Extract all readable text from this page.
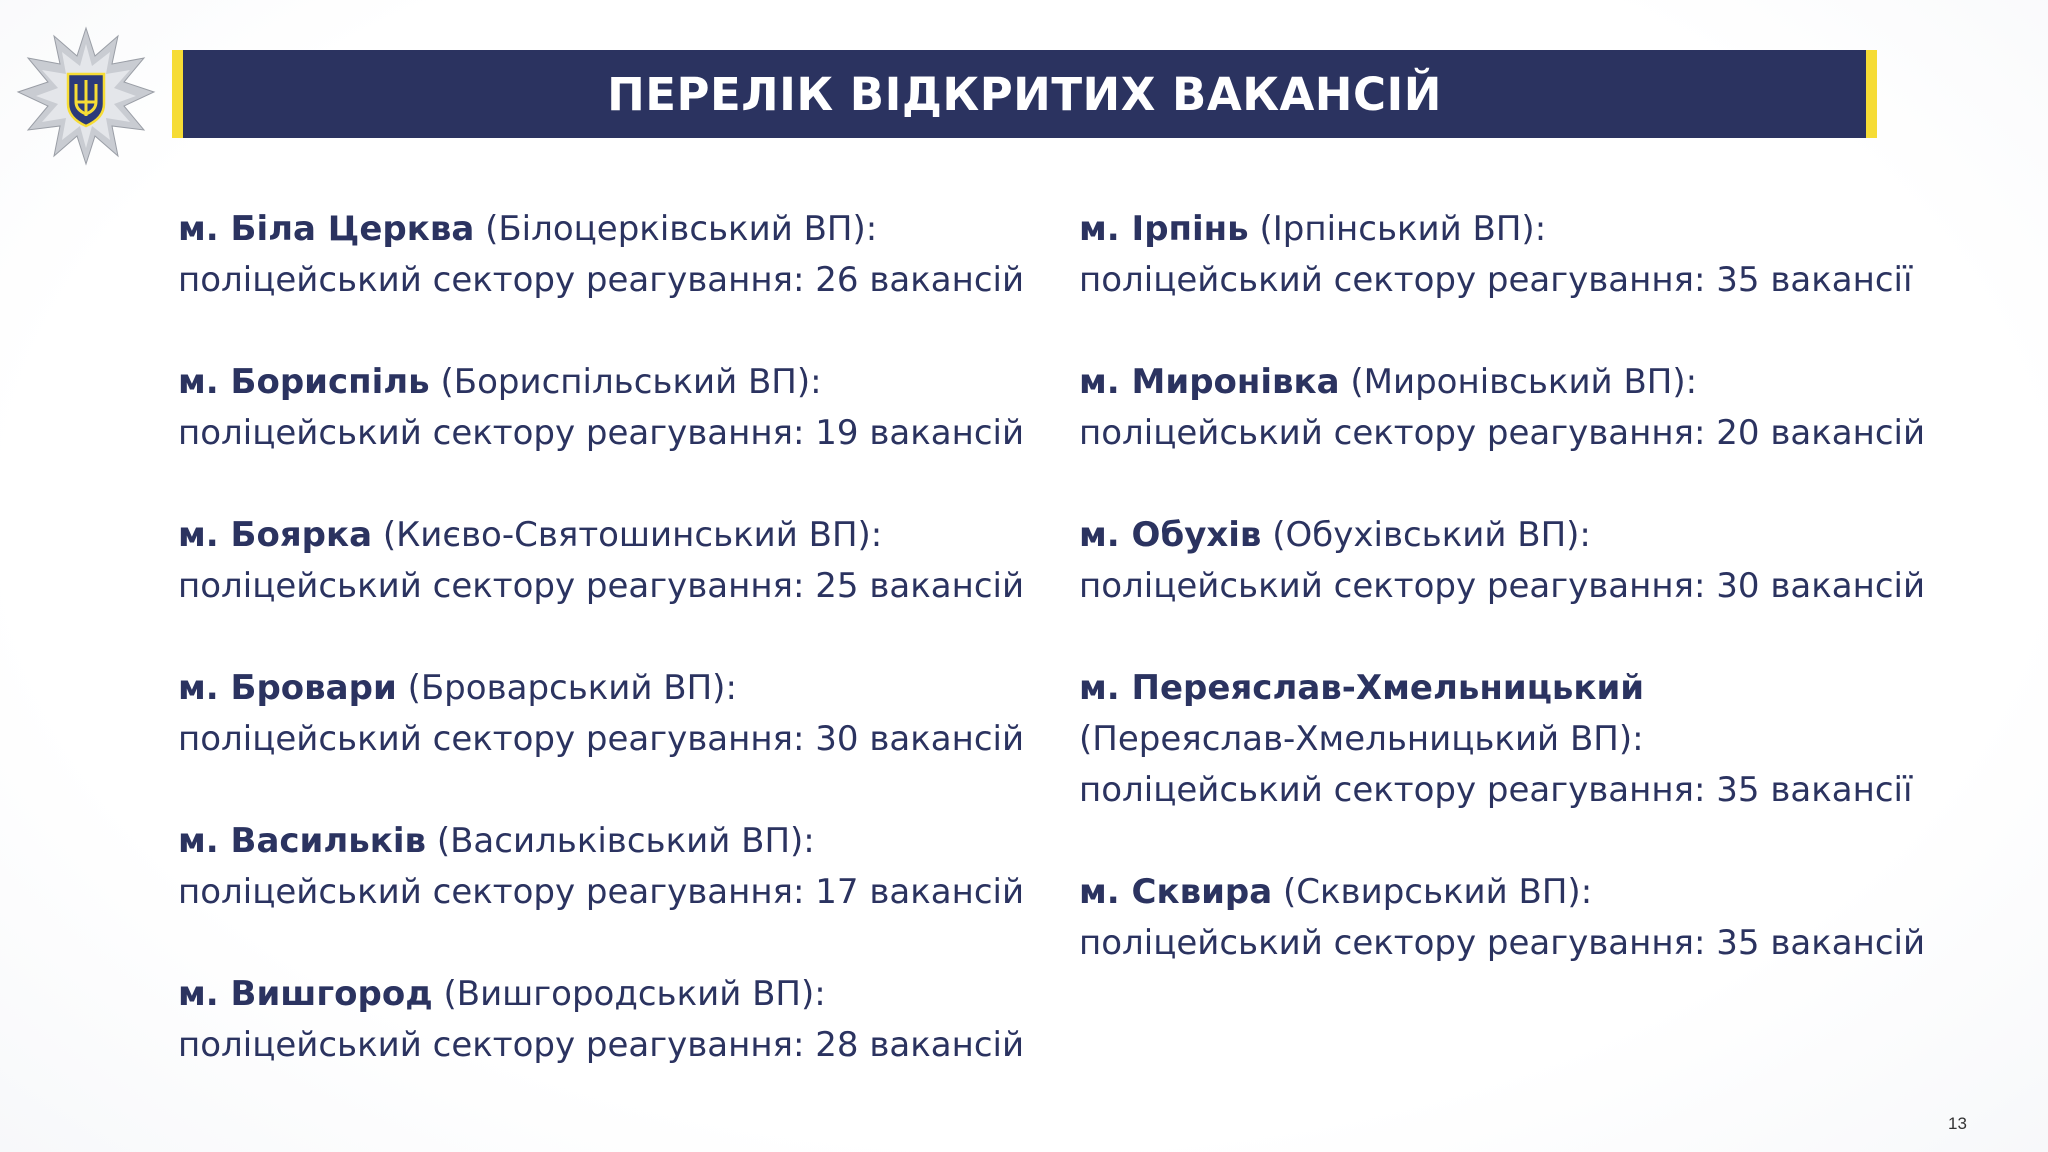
ПЕРЕЛІК ВІДКРИТИХ ВАКАНСІЙ
м. Біла Церква (Білоцерківський ВП):
поліцейський сектору реагування: 26 вакансій
м. Бориспіль (Бориспільський ВП):
поліцейський сектору реагування: 19 вакансій
м. Боярка (Києво-Святошинський ВП):
поліцейський сектору реагування: 25 вакансій
м. Бровари (Броварський ВП):
поліцейський сектору реагування: 30 вакансій
м. Васильків (Васильківський ВП):
поліцейський сектору реагування: 17 вакансій
м. Вишгород (Вишгородський ВП):
поліцейський сектору реагування: 28 вакансій
м. Ірпінь (Ірпінський ВП):
поліцейський сектору реагування: 35 вакансії
м. Миронівка (Миронівський ВП):
поліцейський сектору реагування: 20 вакансій
м. Обухів (Обухівський ВП):
поліцейський сектору реагування: 30 вакансій
м. Переяслав-Хмельницький
(Переяслав-Хмельницький ВП):
поліцейський сектору реагування: 35 вакансії
м. Сквира (Сквирський ВП):
поліцейський сектору реагування: 35 вакансій
13
